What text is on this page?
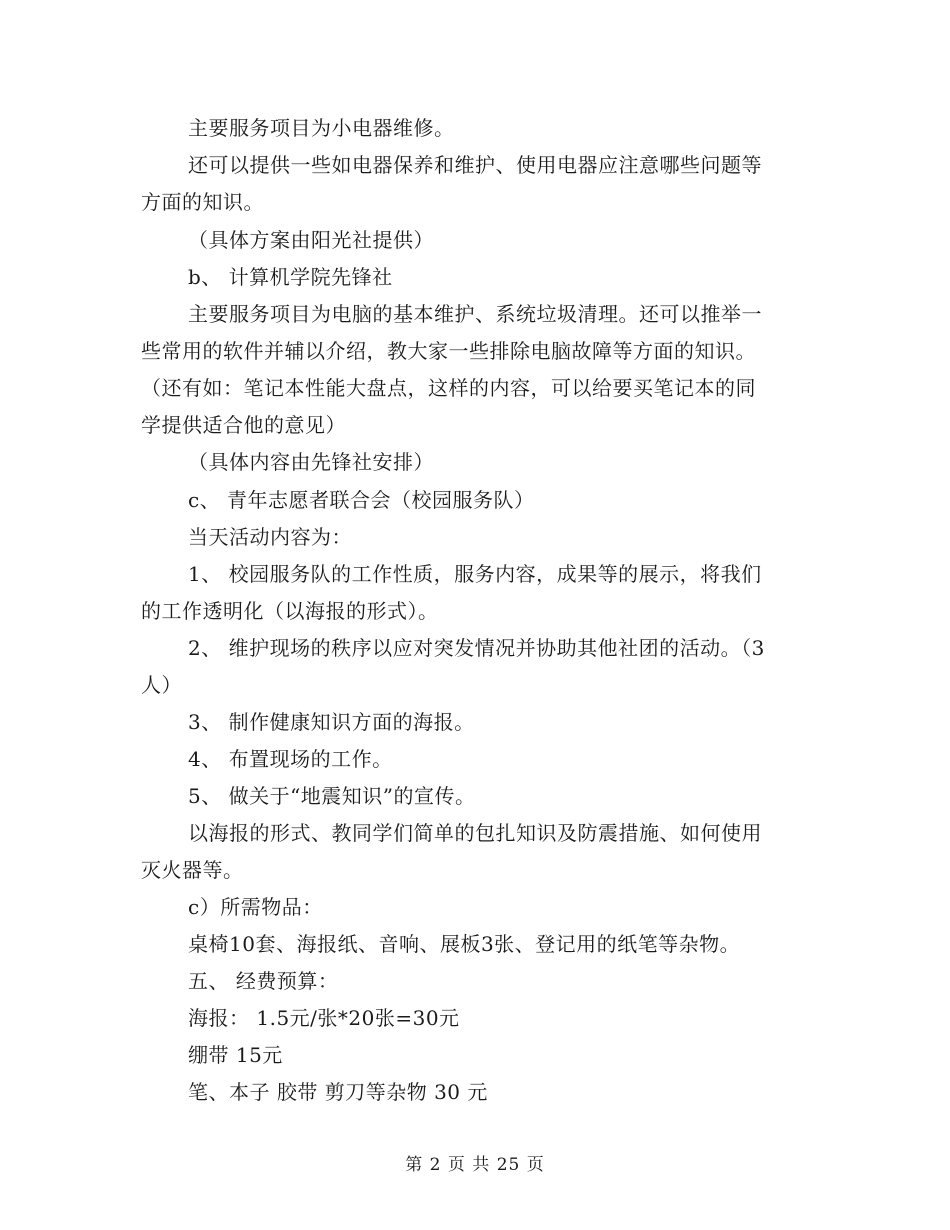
主要服务项目为小电器维修。
还可以提供一些如电器保养和维护、使用电器应注意哪些问题等
方面的知识。
（具体方案由阳光社提供）
b、 计算机学院先锋社
主要服务项目为电脑的基本维护、系统垃圾清理。还可以推举一
些常用的软件并辅以介绍，教大家一些排除电脑故障等方面的知识。
（还有如：笔记本性能大盘点，这样的内容，可以给要买笔记本的同
学提供适合他的意见）
（具体内容由先锋社安排）
c、 青年志愿者联合会（校园服务队）
当天活动内容为：
1、 校园服务队的工作性质，服务内容，成果等的展示，将我们
的工作透明化（以海报的形式）。
2、 维护现场的秩序以应对突发情况并协助其他社团的活动。（3
人）
3、 制作健康知识方面的海报。
4、 布置现场的工作。
5、 做关于“地震知识”的宣传。
以海报的形式、教同学们简单的包扎知识及防震措施、如何使用
灭火器等。
c）所需物品：
桌椅10套、海报纸、音响、展板3张、登记用的纸笔等杂物。
五、 经费预算：
海报： 1.5元/张*20张=30元
绷带 15元
笔、本子 胶带 剪刀等杂物 30 元
第 2 页 共 25 页
